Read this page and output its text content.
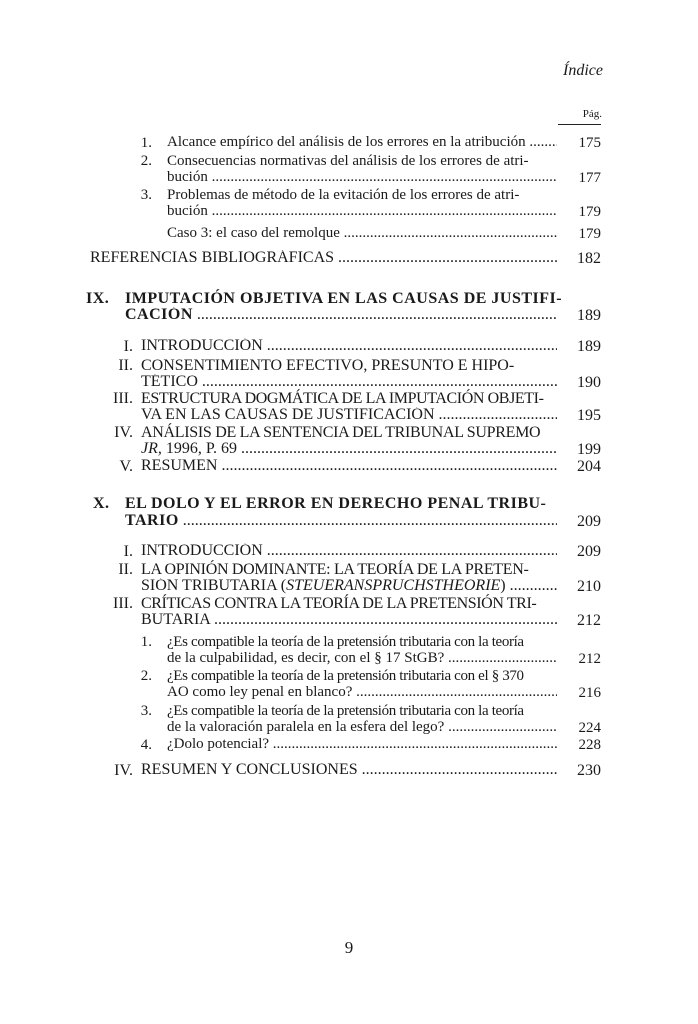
Índice
Pág.
1. Alcance empírico del análisis de los errores en la atribución .....	175
2. Consecuencias normativas del análisis de los errores de atri-
bución .....	177
3. Problemas de método de la evitación de los errores de atri-
bución .....	179
Caso 3: el caso del remolque .....	179
REFERENCIAS BIBLIOGRÁFICAS .....	182
IX. IMPUTACIÓN OBJETIVA EN LAS CAUSAS DE JUSTIFI-
CACIÓN .....	189
I. INTRODUCCIÓN .....	189
II. CONSENTIMIENTO EFECTIVO, PRESUNTO E HIPO-
TÉTICO .....	190
III. ESTRUCTURA DOGMÁTICA DE LA IMPUTACIÓN OBJETI-
VA EN LAS CAUSAS DE JUSTIFICACIÓN .....	195
IV. ANÁLISIS DE LA SENTENCIA DEL TRIBUNAL SUPREMO
JR, 1996, P. 69 .....	199
V. RESUMEN .....	204
X. EL DOLO Y EL ERROR EN DERECHO PENAL TRIBU-
TARIO .....	209
I. INTRODUCCIÓN .....	209
II. LA OPINIÓN DOMINANTE: LA TEORÍA DE LA PRETEN-
SIÓN TRIBUTARIA (STEUERANSPRUCHSTHEORIE) .....	210
III. CRÍTICAS CONTRA LA TEORÍA DE LA PRETENSIÓN TRI-
BUTARIA .....	212
1. ¿Es compatible la teoría de la pretensión tributaria con la teoría
de la culpabilidad, es decir, con el § 17 StGB? .....	212
2. ¿Es compatible la teoría de la pretensión tributaria con el § 370
AO como ley penal en blanco? .....	216
3. ¿Es compatible la teoría de la pretensión tributaria con la teoría
de la valoración paralela en la esfera del lego? .....	224
4. ¿Dolo potencial? .....	228
IV. RESUMEN Y CONCLUSIONES .....	230
9
